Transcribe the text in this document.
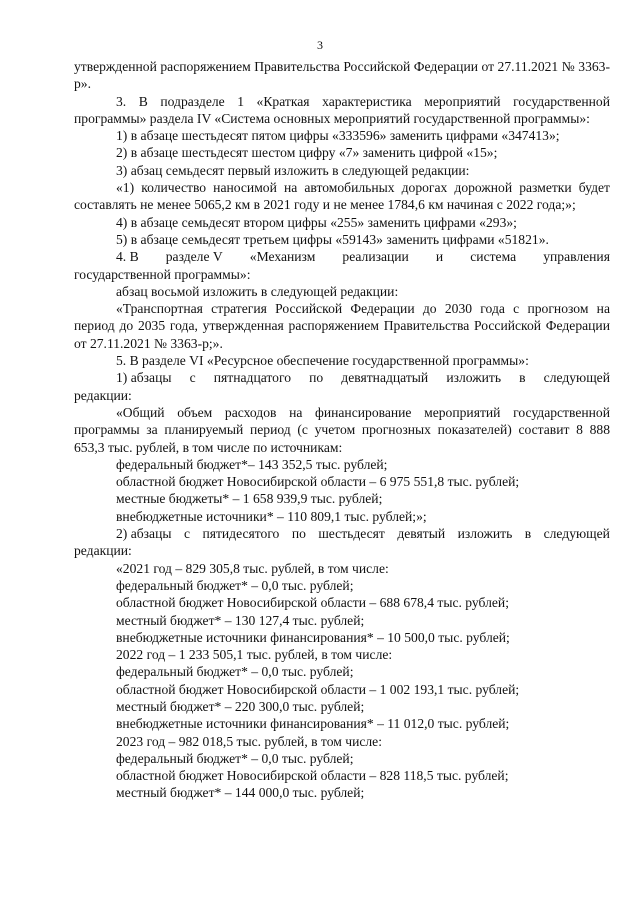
3

утвержденной распоряжением Правительства Российской Федерации от 27.11.2021 № 3363-р».

3. В подразделе 1 «Краткая характеристика мероприятий государственной программы» раздела IV «Система основных мероприятий государственной программы»:

1) в абзаце шестьдесят пятом цифры «333596» заменить цифрами «347413»;

2) в абзаце шестьдесят шестом цифру «7» заменить цифрой «15»;

3) абзац семьдесят первый изложить в следующей редакции:

«1) количество наносимой на автомобильных дорогах дорожной разметки будет составлять не менее 5065,2 км в 2021 году и не менее 1784,6 км начиная с 2022 года;»;

4) в абзаце семьдесят втором цифры «255» заменить цифрами «293»;

5) в абзаце семьдесят третьем цифры «59143» заменить цифрами «51821».

4. В разделе V «Механизм реализации и система управления

государственной программы»:

абзац восьмой изложить в следующей редакции:

«Транспортная стратегия Российской Федерации до 2030 года с прогнозом на период до 2035 года, утвержденная распоряжением Правительства Российской Федерации от 27.11.2021 № 3363-р;».

5. В разделе VI «Ресурсное обеспечение государственной программы»:

1) абзацы с пятнадцатого по девятнадцатый изложить в следующей

редакции:

«Общий объем расходов на финансирование мероприятий государственной программы за планируемый период (с учетом прогнозных показателей) составит 8 888 653,3 тыс. рублей, в том числе по источникам:

федеральный бюджет*– 143 352,5 тыс. рублей;

областной бюджет Новосибирской области – 6 975 551,8 тыс. рублей;

местные бюджеты* – 1 658 939,9 тыс. рублей;

внебюджетные источники* – 110 809,1 тыс. рублей;»;

2) абзацы с пятидесятого по шестьдесят девятый изложить в следующей

редакции:

«2021 год – 829 305,8 тыс. рублей, в том числе:

федеральный бюджет* – 0,0 тыс. рублей;

областной бюджет Новосибирской области – 688 678,4 тыс. рублей;

местный бюджет* – 130 127,4 тыс. рублей;

внебюджетные источники финансирования* – 10 500,0 тыс. рублей;

2022 год – 1 233 505,1 тыс. рублей, в том числе:

федеральный бюджет* – 0,0 тыс. рублей;

областной бюджет Новосибирской области – 1 002 193,1 тыс. рублей;

местный бюджет* – 220 300,0 тыс. рублей;

внебюджетные источники финансирования* – 11 012,0 тыс. рублей;

2023 год – 982 018,5 тыс. рублей, в том числе:

федеральный бюджет* – 0,0 тыс. рублей;

областной бюджет Новосибирской области – 828 118,5 тыс. рублей;

местный бюджет* – 144 000,0 тыс. рублей;
